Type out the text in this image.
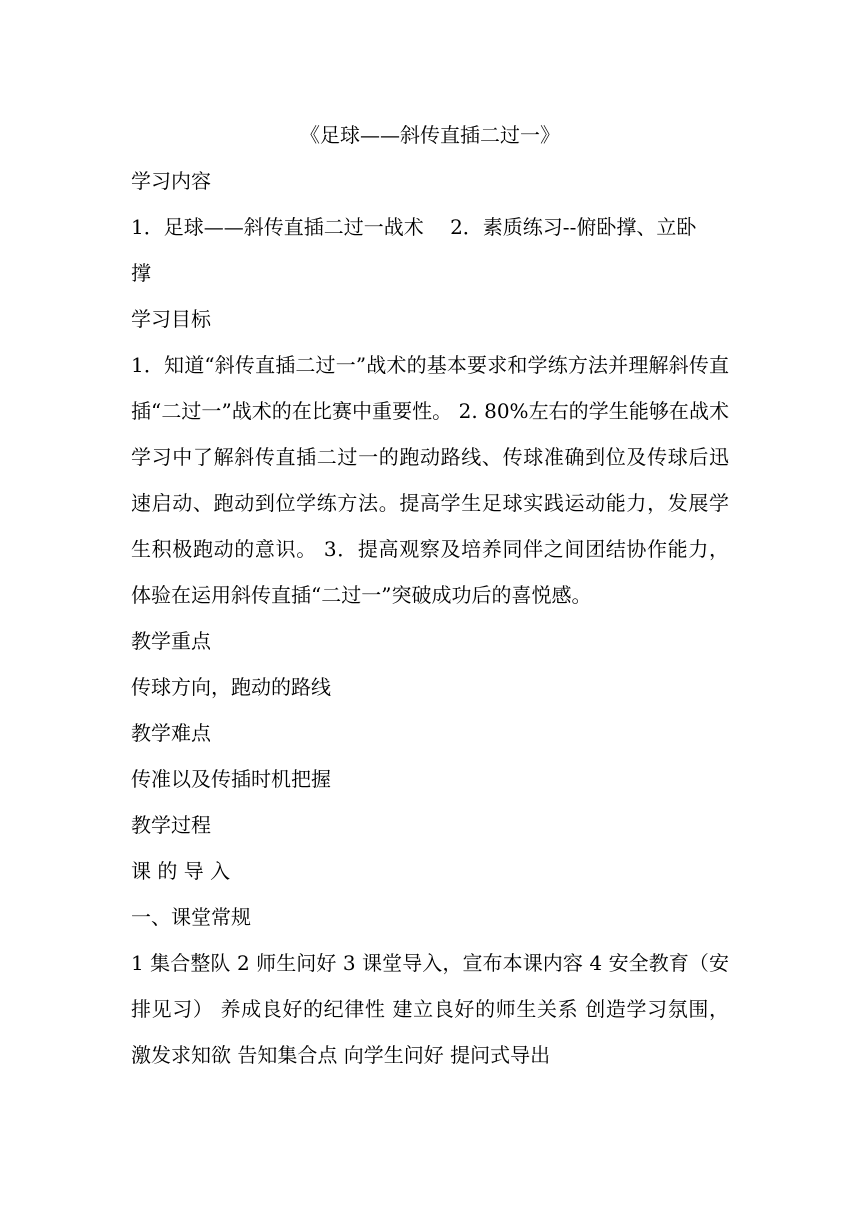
《足球——斜传直插二过一》

学习内容

1．足球——斜传直插二过一战术　 2．素质练习--俯卧撑、立卧

撑

学习目标

1．知道“斜传直插二过一”战术的基本要求和学练方法并理解斜传直插“二过一”战术的在比赛中重要性。 2. 80%左右的学生能够在战术学习中了解斜传直插二过一的跑动路线、传球准确到位及传球后迅速启动、跑动到位学练方法。提高学生足球实践运动能力，发展学生积极跑动的意识。 3．提高观察及培养同伴之间团结协作能力，体验在运用斜传直插“二过一”突破成功后的喜悦感。

教学重点

传球方向，跑动的路线

教学难点

传准以及传插时机把握

教学过程

课 的 导 入

一、课堂常规

1 集合整队 2 师生问好 3 课堂导入，宣布本课内容 4 安全教育（安排见习） 养成良好的纪律性 建立良好的师生关系 创造学习氛围，激发求知欲 告知集合点 向学生问好 提问式导出
